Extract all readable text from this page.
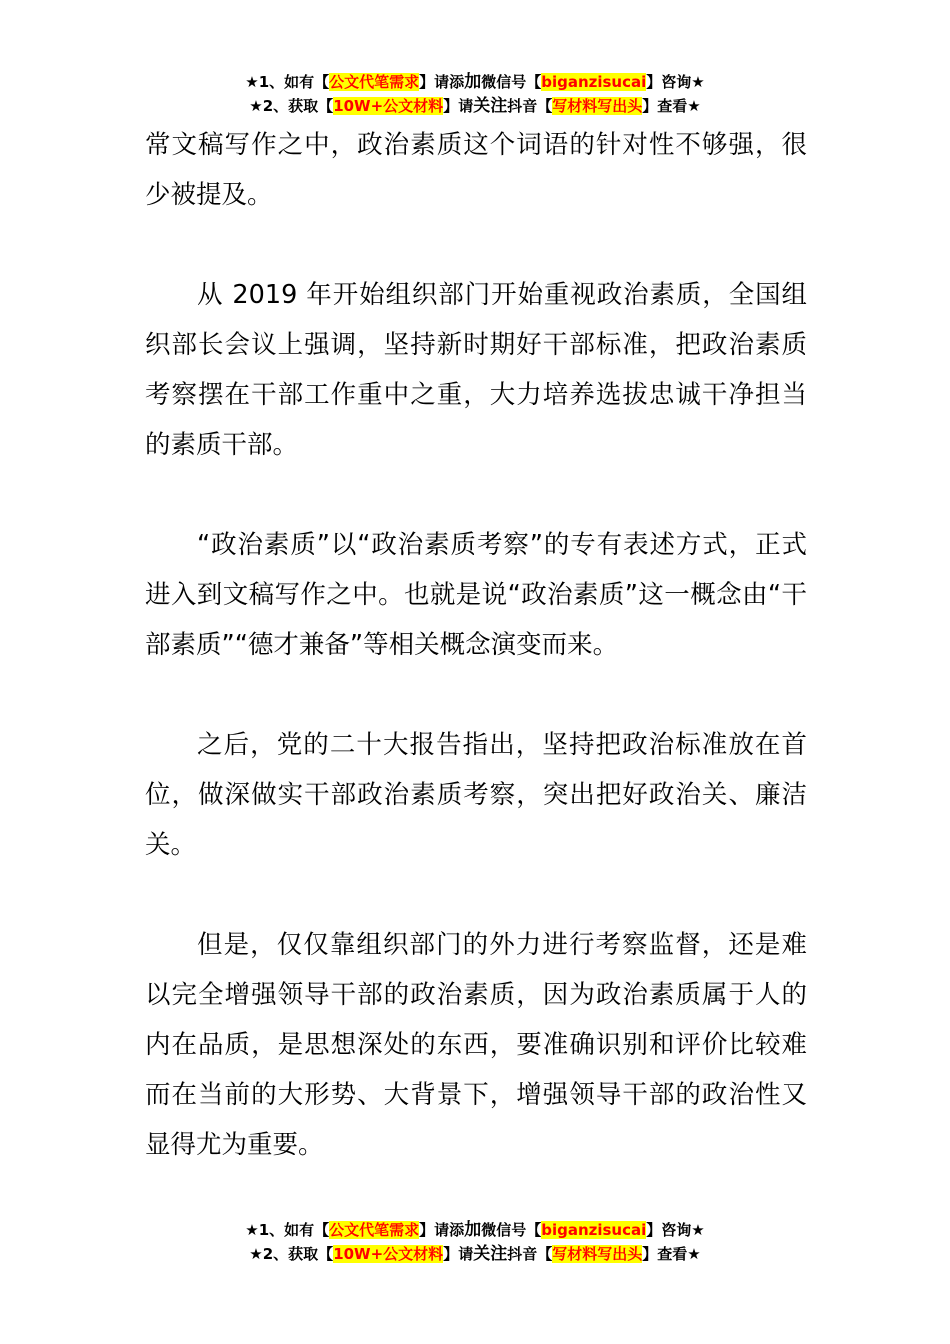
★1、如有【公文代笔需求】请添加微信号【biganzisucai】咨询★
★2、获取【10W+公文材料】请关注抖音【写材料写出头】查看★

常文稿写作之中，政治素质这个词语的针对性不够强，很少被提及。

从 2019 年开始组织部门开始重视政治素质，全国组织部长会议上强调，坚持新时期好干部标准，把政治素质考察摆在干部工作重中之重，大力培养选拔忠诚干净担当的素质干部。

“政治素质”以“政治素质考察”的专有表述方式，正式进入到文稿写作之中。也就是说“政治素质”这一概念由“干部素质”“德才兼备”等相关概念演变而来。

之后，党的二十大报告指出，坚持把政治标准放在首位，做深做实干部政治素质考察，突出把好政治关、廉洁关。

但是，仅仅靠组织部门的外力进行考察监督，还是难以完全增强领导干部的政治素质，因为政治素质属于人的内在品质，是思想深处的东西，要准确识别和评价比较难而在当前的大形势、大背景下，增强领导干部的政治性又显得尤为重要。

★1、如有【公文代笔需求】请添加微信号【biganzisucai】咨询★
★2、获取【10W+公文材料】请关注抖音【写材料写出头】查看★
